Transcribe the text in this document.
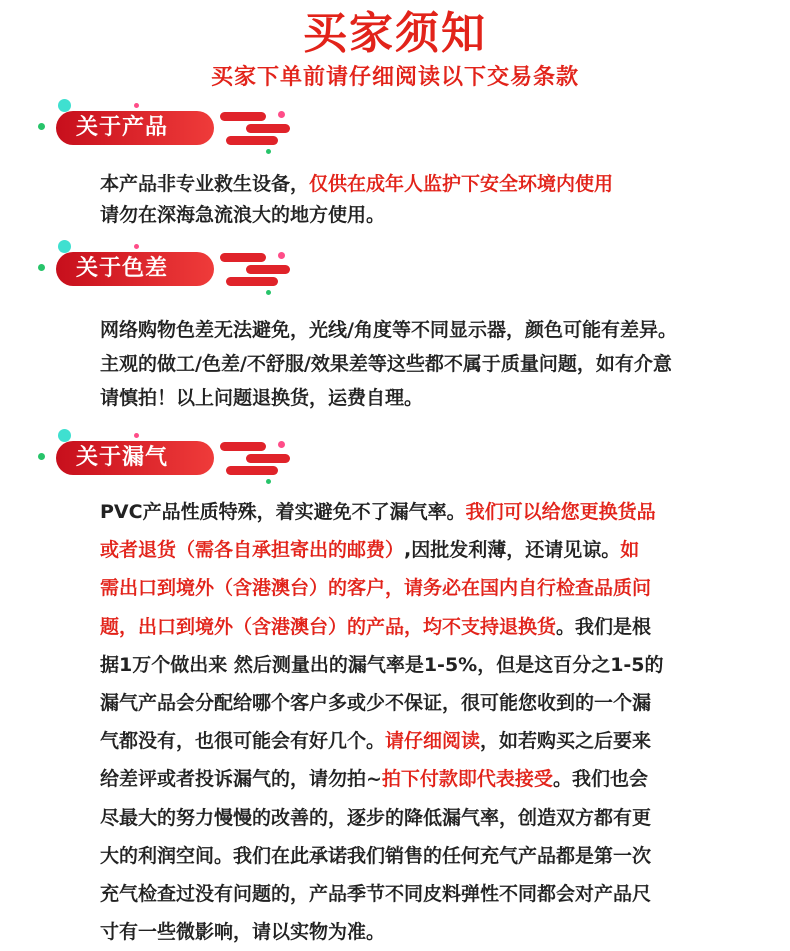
买家须知
买家下单前请仔细阅读以下交易条款
关于产品

本产品非专业救生设备，仅供在成年人监护下安全环境内使用

请勿在深海急流浪大的地方使用。

关于色差

网络购物色差无法避免，光线/角度等不同显示器，颜色可能有差异。

主观的做工/色差/不舒服/效果差等这些都不属于质量问题，如有介意

请慎拍！以上问题退换货，运费自理。

关于漏气

PVC产品性质特殊，着实避免不了漏气率。我们可以给您更换货品

或者退货（需各自承担寄出的邮费）,因批发利薄，还请见谅。如

需出口到境外（含港澳台）的客户，请务必在国内自行检查品质问

题，出口到境外（含港澳台）的产品，均不支持退换货。我们是根

据1万个做出来 然后测量出的漏气率是1-5%，但是这百分之1-5的

漏气产品会分配给哪个客户多或少不保证，很可能您收到的一个漏

气都没有，也很可能会有好几个。请仔细阅读，如若购买之后要来

给差评或者投诉漏气的，请勿拍~拍下付款即代表接受。我们也会

尽最大的努力慢慢的改善的，逐步的降低漏气率，创造双方都有更

大的利润空间。我们在此承诺我们销售的任何充气产品都是第一次

充气检查过没有问题的，产品季节不同皮料弹性不同都会对产品尺

寸有一些微影响，请以实物为准。
